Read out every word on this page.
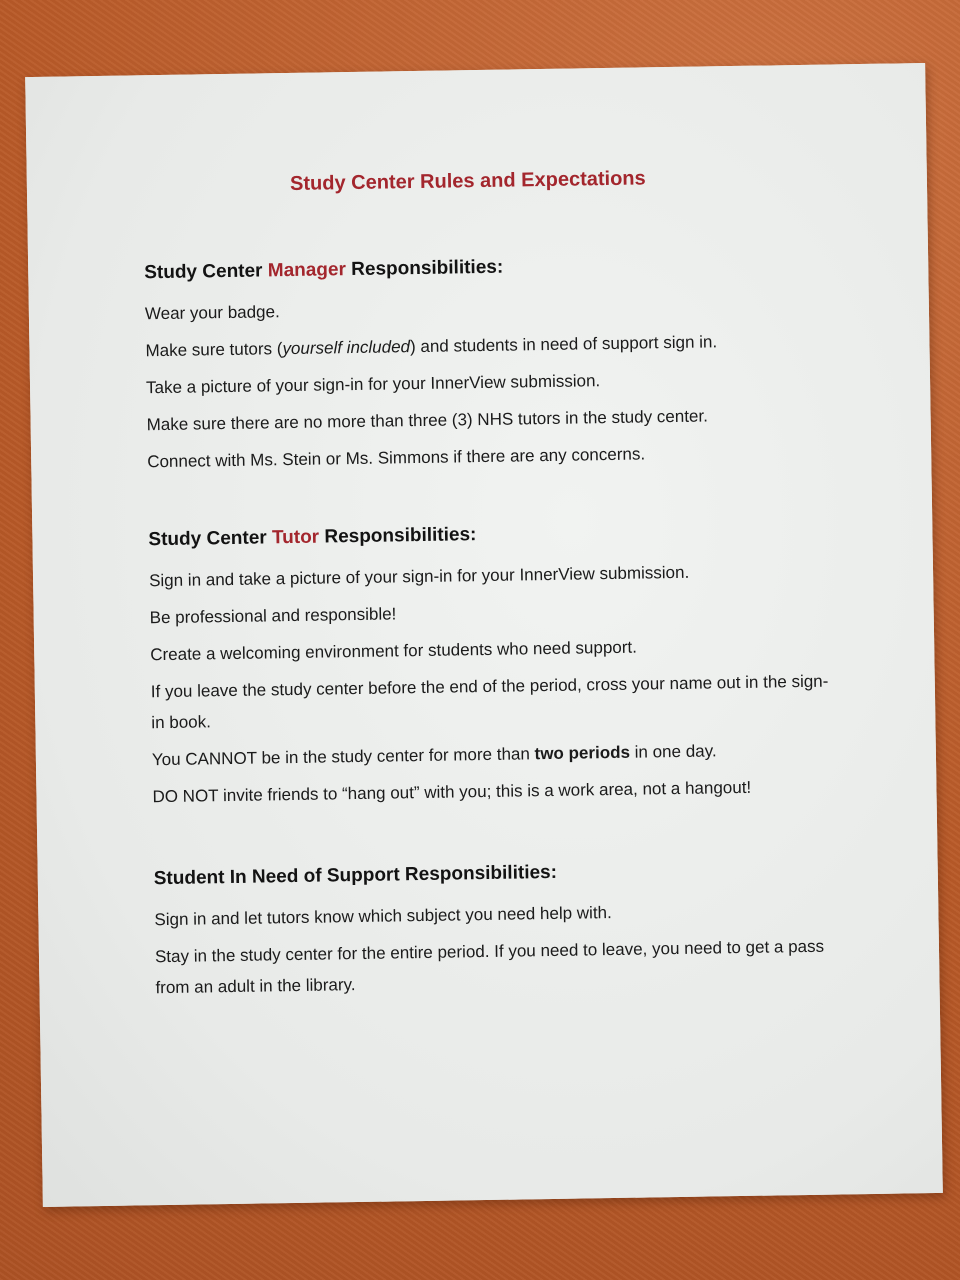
Study Center Rules and Expectations
Study Center Manager Responsibilities:
Wear your badge.
Make sure tutors (yourself included) and students in need of support sign in.
Take a picture of your sign-in for your InnerView submission.
Make sure there are no more than three (3) NHS tutors in the study center.
Connect with Ms. Stein or Ms. Simmons if there are any concerns.
Study Center Tutor Responsibilities:
Sign in and take a picture of your sign-in for your InnerView submission.
Be professional and responsible!
Create a welcoming environment for students who need support.
If you leave the study center before the end of the period, cross your name out in the sign-in book.
You CANNOT be in the study center for more than two periods in one day.
DO NOT invite friends to “hang out” with you; this is a work area, not a hangout!
Student In Need of Support Responsibilities:
Sign in and let tutors know which subject you need help with.
Stay in the study center for the entire period. If you need to leave, you need to get a pass from an adult in the library.
